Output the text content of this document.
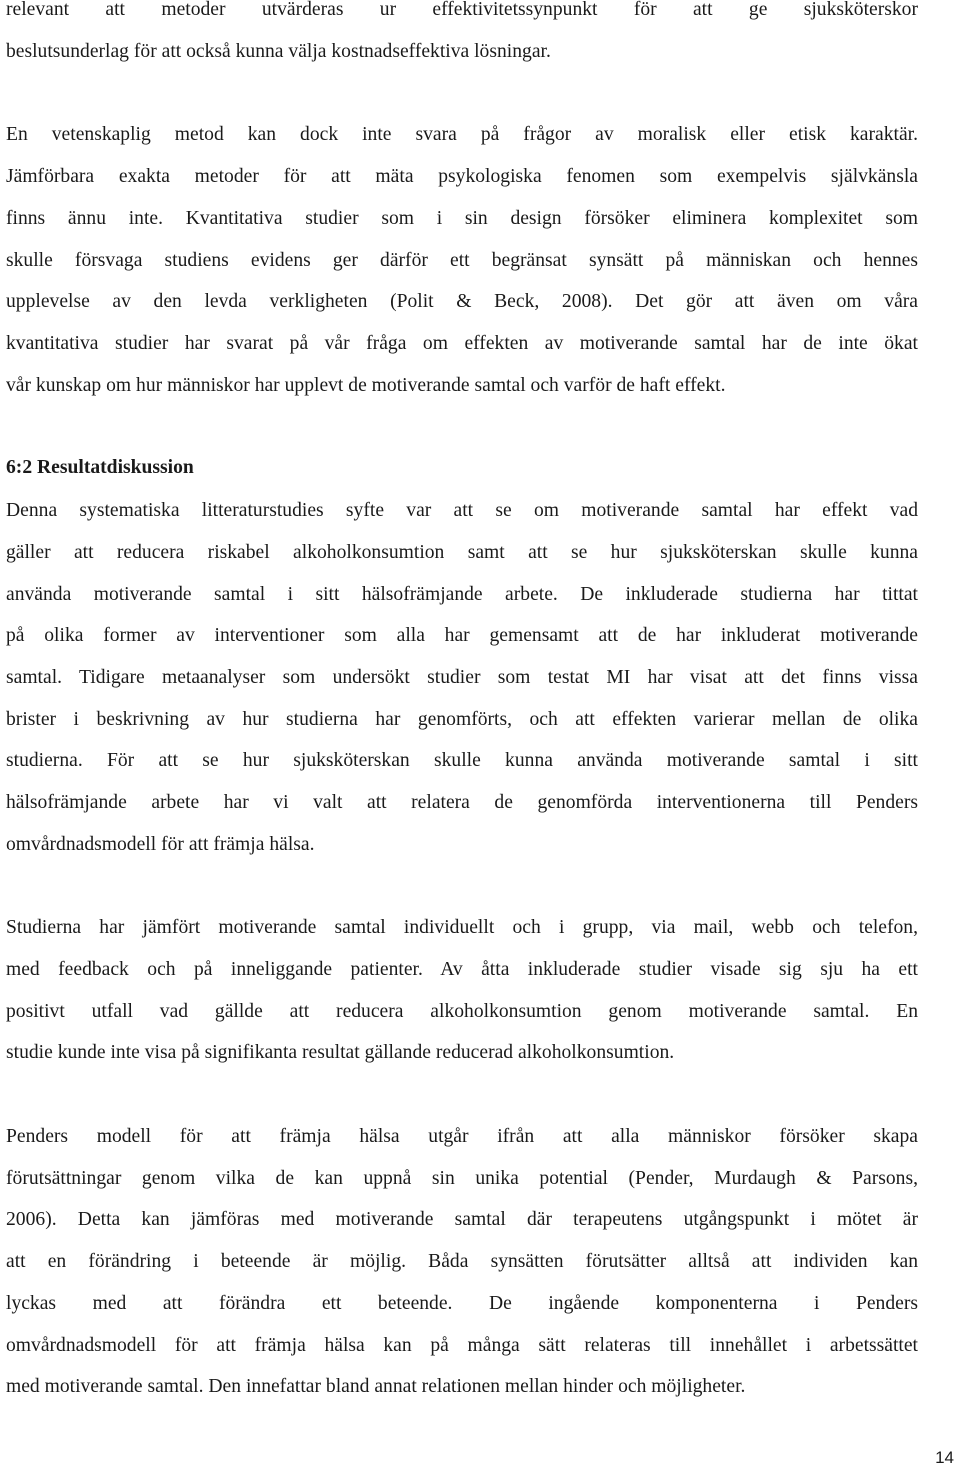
relevant att metoder utvärderas ur effektivitetssynpunkt för att ge sjuksköterskor

beslutsunderlag för att också kunna välja kostnadseffektiva lösningar.

En vetenskaplig metod kan dock inte svara på frågor av moralisk eller etisk karaktär.

Jämförbara exakta metoder för att mäta psykologiska fenomen som exempelvis självkänsla

finns ännu inte. Kvantitativa studier som i sin design försöker eliminera komplexitet som

skulle försvaga studiens evidens ger därför ett begränsat synsätt på människan och hennes

upplevelse av den levda verkligheten (Polit & Beck, 2008). Det gör att även om våra

kvantitativa studier har svarat på vår fråga om effekten av motiverande samtal har de inte ökat

vår kunskap om hur människor har upplevt de motiverande samtal och varför de haft effekt.

6:2 Resultatdiskussion

Denna systematiska litteraturstudies syfte var att se om motiverande samtal har effekt vad

gäller att reducera riskabel alkoholkonsumtion samt att se hur sjuksköterskan skulle kunna

använda motiverande samtal i sitt hälsofrämjande arbete. De inkluderade studierna har tittat

på olika former av interventioner som alla har gemensamt att de har inkluderat motiverande

samtal. Tidigare metaanalyser som undersökt studier som testat MI har visat att det finns vissa

brister i beskrivning av hur studierna har genomförts, och att effekten varierar mellan de olika

studierna. För att se hur sjuksköterskan skulle kunna använda motiverande samtal i sitt

hälsofrämjande arbete har vi valt att relatera de genomförda interventionerna till Penders

omvårdnadsmodell för att främja hälsa.

Studierna har jämfört motiverande samtal individuellt och i grupp, via mail, webb och telefon,

med feedback och på inneliggande patienter. Av åtta inkluderade studier visade sig sju ha ett

positivt utfall vad gällde att reducera alkoholkonsumtion genom motiverande samtal. En

studie kunde inte visa på signifikanta resultat gällande reducerad alkoholkonsumtion.

Penders modell för att främja hälsa utgår ifrån att alla människor försöker skapa

förutsättningar genom vilka de kan uppnå sin unika potential (Pender, Murdaugh & Parsons,

2006). Detta kan jämföras med motiverande samtal där terapeutens utgångspunkt i mötet är

att en förändring i beteende är möjlig. Båda synsätten förutsätter alltså att individen kan

lyckas med att förändra ett beteende. De ingående komponenterna i Penders

omvårdnadsmodell för att främja hälsa kan på många sätt relateras till innehållet i arbetssättet

med motiverande samtal. Den innefattar bland annat relationen mellan hinder och möjligheter.

14
